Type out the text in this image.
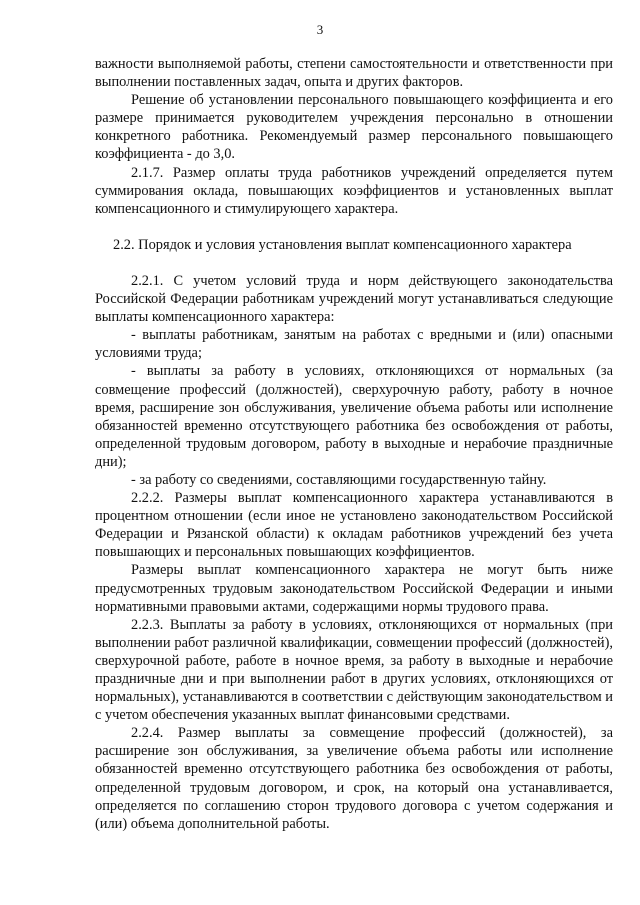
3

важности выполняемой работы, степени самостоятельности и ответственности при выполнении поставленных задач, опыта и других факторов.

Решение об установлении персонального повышающего коэффициента и его размере принимается руководителем учреждения персонально в отношении конкретного работника. Рекомендуемый размер персонального повышающего коэффициента - до 3,0.

2.1.7. Размер оплаты труда работников учреждений определяется путем суммирования оклада, повышающих коэффициентов и установленных выплат компенсационного и стимулирующего характера.

2.2. Порядок и условия установления выплат компенсационного характера

2.2.1. С учетом условий труда и норм действующего законодательства Российской Федерации работникам учреждений могут устанавливаться следующие выплаты компенсационного характера:

- выплаты работникам, занятым на работах с вредными и (или) опасными условиями труда;

- выплаты за работу в условиях, отклоняющихся от нормальных (за совмещение профессий (должностей), сверхурочную работу, работу в ночное время, расширение зон обслуживания, увеличение объема работы или исполнение обязанностей временно отсутствующего работника без освобождения от работы, определенной трудовым договором, работу в выходные и нерабочие праздничные дни);

- за работу со сведениями, составляющими государственную тайну.

2.2.2. Размеры выплат компенсационного характера устанавливаются в процентном отношении (если иное не установлено законодательством Российской Федерации и Рязанской области) к окладам работников учреждений без учета повышающих и персональных повышающих коэффициентов.

Размеры выплат компенсационного характера не могут быть ниже предусмотренных трудовым законодательством Российской Федерации и иными нормативными правовыми актами, содержащими нормы трудового права.

2.2.3. Выплаты за работу в условиях, отклоняющихся от нормальных (при выполнении работ различной квалификации, совмещении профессий (должностей), сверхурочной работе, работе в ночное время, за работу в выходные и нерабочие праздничные дни и при выполнении работ в других условиях, отклоняющихся от нормальных), устанавливаются в соответствии с действующим законодательством и с учетом обеспечения указанных выплат финансовыми средствами.

2.2.4. Размер выплаты за совмещение профессий (должностей), за расширение зон обслуживания, за увеличение объема работы или исполнение обязанностей временно отсутствующего работника без освобождения от работы, определенной трудовым договором, и срок, на который она устанавливается, определяется по соглашению сторон трудового договора с учетом содержания и (или) объема дополнительной работы.
